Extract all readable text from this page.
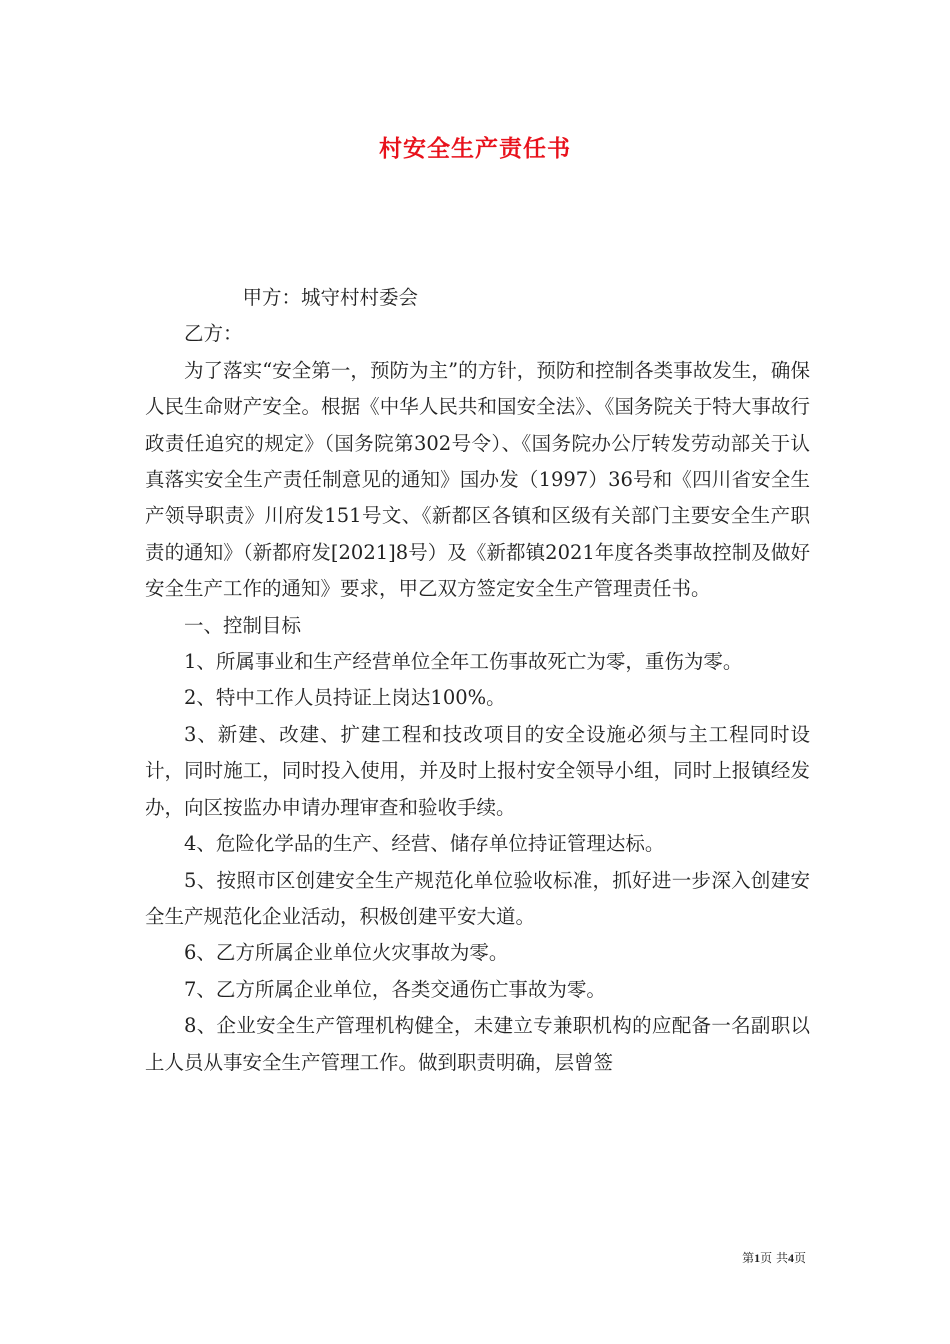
村安全生产责任书

甲方：城守村村委会

乙方：

为了落实“安全第一，预防为主”的方针，预防和控制各类事故发生，确保人民生命财产安全。根据《中华人民共和国安全法》、《国务院关于特大事故行政责任追究的规定》（国务院第302号令）、《国务院办公厅转发劳动部关于认真落实安全生产责任制意见的通知》国办发（1997）36号和《四川省安全生产领导职责》川府发151号文、《新都区各镇和区级有关部门主要安全生产职责的通知》（新都府发[2021]8号）及《新都镇2021年度各类事故控制及做好安全生产工作的通知》要求，甲乙双方签定安全生产管理责任书。

一、控制目标

1、所属事业和生产经营单位全年工伤事故死亡为零，重伤为零。

2、特中工作人员持证上岗达100%。

3、新建、改建、扩建工程和技改项目的安全设施必须与主工程同时设计，同时施工，同时投入使用，并及时上报村安全领导小组，同时上报镇经发办，向区按监办申请办理审查和验收手续。

4、危险化学品的生产、经营、储存单位持证管理达标。

5、按照市区创建安全生产规范化单位验收标准，抓好进一步深入创建安全生产规范化企业活动，积极创建平安大道。

6、乙方所属企业单位火灾事故为零。

7、乙方所属企业单位，各类交通伤亡事故为零。

8、企业安全生产管理机构健全，未建立专兼职机构的应配备一名副职以上人员从事安全生产管理工作。做到职责明确，层曾签

第1页 共4页
